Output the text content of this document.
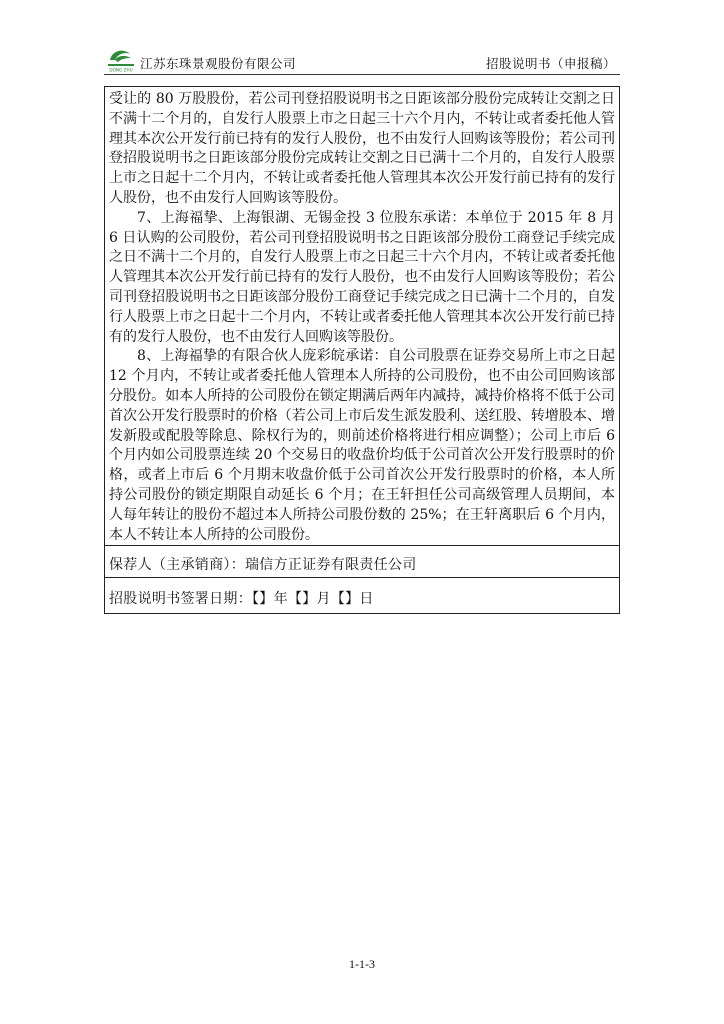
DONG ZHU 江苏东珠景观股份有限公司	招股说明书（申报稿）

受让的 80 万股股份，若公司刊登招股说明书之日距该部分股份完成转让交割之日不满十二个月的，自发行人股票上市之日起三十六个月内，不转让或者委托他人管理其本次公开发行前已持有的发行人股份，也不由发行人回购该等股份；若公司刊登招股说明书之日距该部分股份完成转让交割之日已满十二个月的，自发行人股票上市之日起十二个月内，不转让或者委托他人管理其本次公开发行前已持有的发行人股份，也不由发行人回购该等股份。

7、上海福挚、上海银湖、无锡金投 3 位股东承诺：本单位于 2015 年 8 月 6 日认购的公司股份，若公司刊登招股说明书之日距该部分股份工商登记手续完成之日不满十二个月的，自发行人股票上市之日起三十六个月内，不转让或者委托他人管理其本次公开发行前已持有的发行人股份，也不由发行人回购该等股份；若公司刊登招股说明书之日距该部分股份工商登记手续完成之日已满十二个月的，自发行人股票上市之日起十二个月内，不转让或者委托他人管理其本次公开发行前已持有的发行人股份，也不由发行人回购该等股份。

8、上海福挚的有限合伙人庞彩皖承诺：自公司股票在证券交易所上市之日起 12 个月内，不转让或者委托他人管理本人所持的公司股份，也不由公司回购该部分股份。如本人所持的公司股份在锁定期满后两年内减持，减持价格将不低于公司首次公开发行股票时的价格（若公司上市后发生派发股利、送红股、转增股本、增发新股或配股等除息、除权行为的，则前述价格将进行相应调整）；公司上市后 6 个月内如公司股票连续 20 个交易日的收盘价均低于公司首次公开发行股票时的价格，或者上市后 6 个月期末收盘价低于公司首次公开发行股票时的价格，本人所持公司股份的锁定期限自动延长 6 个月；在王轩担任公司高级管理人员期间，本人每年转让的股份不超过本人所持公司股份数的 25%；在王轩离职后 6 个月内，本人不转让本人所持的公司股份。

保荐人（主承销商）：瑞信方正证券有限责任公司
招股说明书签署日期：【】年【】月【】日
1-1-3
